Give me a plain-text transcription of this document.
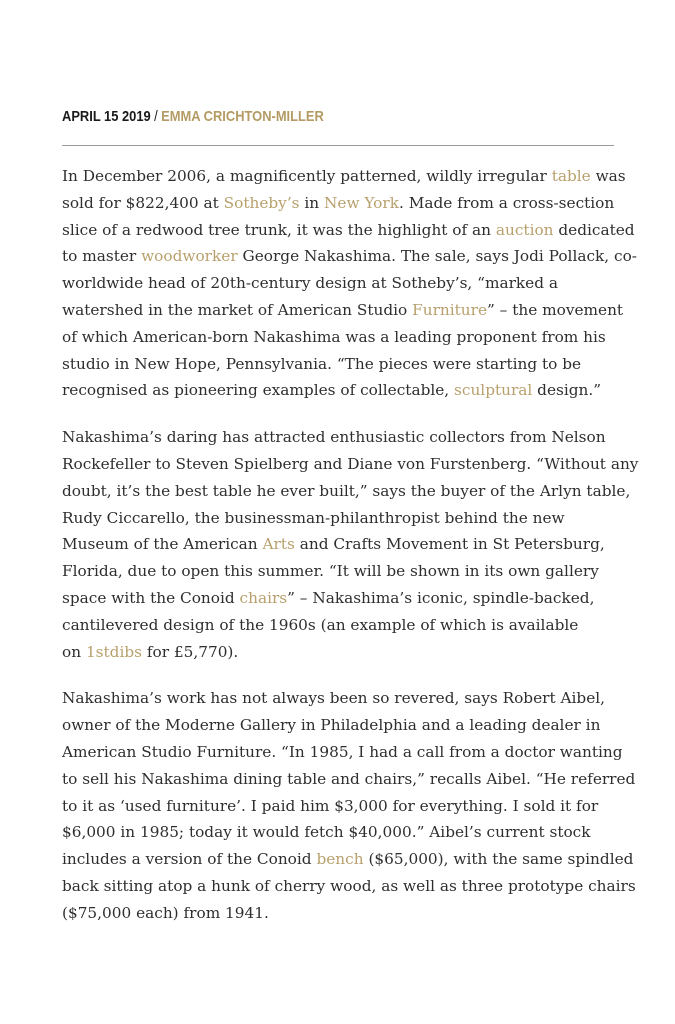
APRIL 15 2019 / EMMA CRICHTON-MILLER

In December 2006, a magnificently patterned, wildly irregular table was
sold for $822,400 at Sotheby’s in New York. Made from a cross-section
slice of a redwood tree trunk, it was the highlight of an auction dedicated
to master woodworker George Nakashima. The sale, says Jodi Pollack, co-
worldwide head of 20th-century design at Sotheby’s, “marked a
watershed in the market of American Studio Furniture” – the movement
of which American-born Nakashima was a leading proponent from his
studio in New Hope, Pennsylvania. “The pieces were starting to be
recognised as pioneering examples of collectable, sculptural design.”

Nakashima’s daring has attracted enthusiastic collectors from Nelson
Rockefeller to Steven Spielberg and Diane von Furstenberg. “Without any
doubt, it’s the best table he ever built,” says the buyer of the Arlyn table,
Rudy Ciccarello, the businessman-philanthropist behind the new
Museum of the American Arts and Crafts Movement in St Petersburg,
Florida, due to open this summer. “It will be shown in its own gallery
space with the Conoid chairs” – Nakashima’s iconic, spindle-backed,
cantilevered design of the 1960s (an example of which is available
on 1stdibs for £5,770).

Nakashima’s work has not always been so revered, says Robert Aibel,
owner of the Moderne Gallery in Philadelphia and a leading dealer in
American Studio Furniture. “In 1985, I had a call from a doctor wanting
to sell his Nakashima dining table and chairs,” recalls Aibel. “He referred
to it as ‘used furniture’. I paid him $3,000 for everything. I sold it for
$6,000 in 1985; today it would fetch $40,000.” Aibel’s current stock
includes a version of the Conoid bench ($65,000), with the same spindled
back sitting atop a hunk of cherry wood, as well as three prototype chairs
($75,000 each) from 1941.
